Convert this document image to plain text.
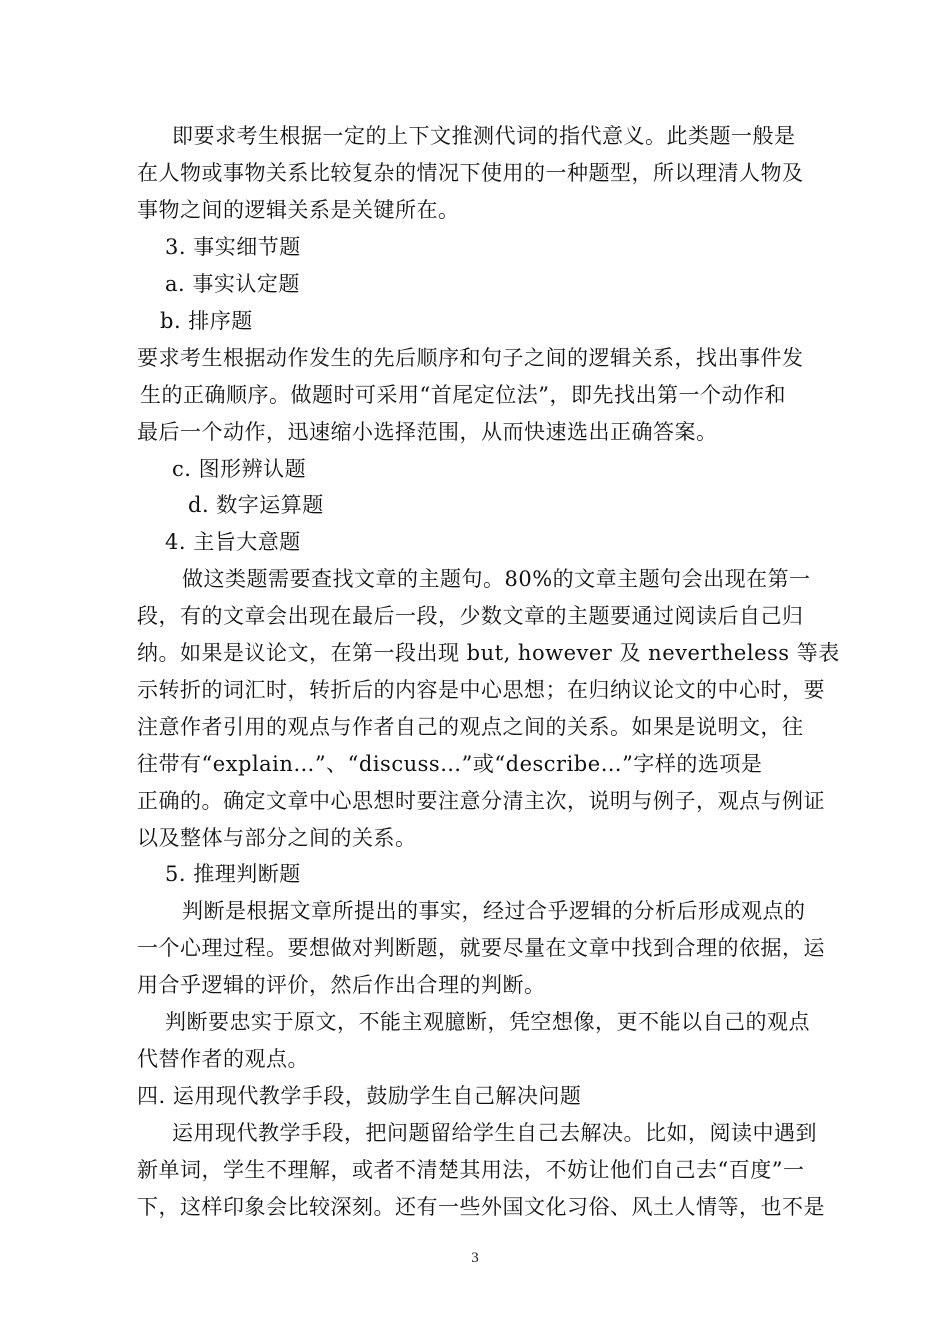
即要求考生根据一定的上下文推测代词的指代意义。此类题一般是
在人物或事物关系比较复杂的情况下使用的一种题型，所以理清人物及
事物之间的逻辑关系是关键所在。
3. 事实细节题
a. 事实认定题
b. 排序题
要求考生根据动作发生的先后顺序和句子之间的逻辑关系，找出事件发
生的正确顺序。做题时可采用“首尾定位法”，即先找出第一个动作和
最后一个动作，迅速缩小选择范围，从而快速选出正确答案。
c. 图形辨认题
d. 数字运算题
4. 主旨大意题
做这类题需要查找文章的主题句。80%的文章主题句会出现在第一
段，有的文章会出现在最后一段，少数文章的主题要通过阅读后自己归
纳。如果是议论文，在第一段出现 but, however 及 nevertheless 等表
示转折的词汇时，转折后的内容是中心思想；在归纳议论文的中心时，要
注意作者引用的观点与作者自己的观点之间的关系。如果是说明文，往
往带有“explain…”、“discuss…”或“describe…”字样的选项是
正确的。确定文章中心思想时要注意分清主次，说明与例子，观点与例证
以及整体与部分之间的关系。
5. 推理判断题
判断是根据文章所提出的事实，经过合乎逻辑的分析后形成观点的
一个心理过程。要想做对判断题，就要尽量在文章中找到合理的依据，运
用合乎逻辑的评价，然后作出合理的判断。
判断要忠实于原文，不能主观臆断，凭空想像，更不能以自己的观点
代替作者的观点。
四. 运用现代教学手段，鼓励学生自己解决问题
运用现代教学手段，把问题留给学生自己去解决。比如，阅读中遇到
新单词，学生不理解，或者不清楚其用法，不妨让他们自己去“百度”一
下，这样印象会比较深刻。还有一些外国文化习俗、风土人情等，也不是
3
